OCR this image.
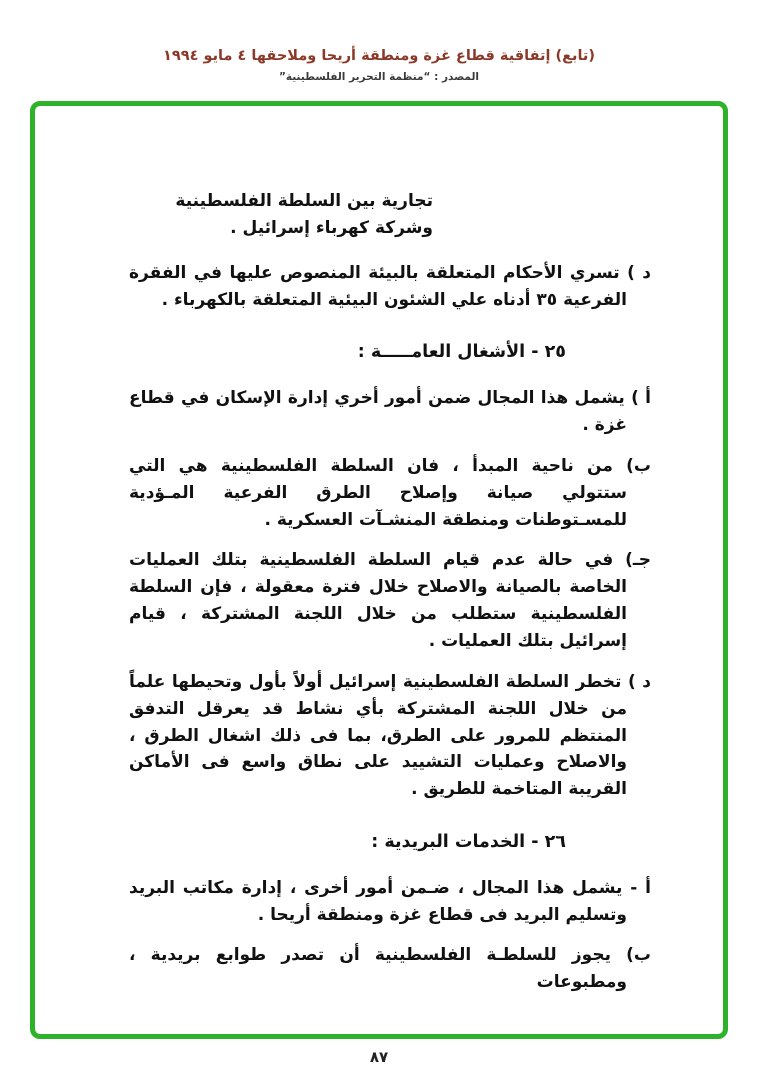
(تابع) إتفاقية قطاع غزة ومنطقة أريحا وملاحقها ٤ مايو ١٩٩٤
المصدر : “منظمة التحرير الفلسطينية”

تجارية بين السلطة الفلسطينية وشركة كهرباء إسرائيل .

د ) تسري الأحكام المتعلقة بالبيئة المنصوص عليها في الفقرة الفرعية ٣٥ أدناه علي الشئون البيئية المتعلقة بالكهرباء .

٢٥ - الأشغال العامـــــة :

أ ) يشمل هذا المجال ضمن أمور أخري إدارة الإسكان في قطاع غزة .

ب) من ناحية المبدأ ، فان السلطة الفلسطينية هي التي ستتولي صيانة وإصلاح الطرق الفرعية المـؤدية للمسـتوطنات ومنطقة المنشـآت العسكرية .

جـ) في حالة عدم قيام السلطة الفلسطينية بتلك العمليات الخاصة بالصيانة والاصلاح خلال فترة معقولة ، فإن السلطة الفلسطينية ستطلب من خلال اللجنة المشتركة ، قيام إسرائيل بتلك العمليات .

د ) تخطر السلطة الفلسطينية إسرائيل أولاً بأول وتحيطها علماً من خلال اللجنة المشتركة بأي نشاط قد يعرقل التدفق المنتظم للمرور على الطرق، بما فى ذلك اشغال الطرق ، والاصلاح وعمليات التشييد على نطاق واسع فى الأماكن القريبة المتاخمة للطريق .

٢٦ - الخدمات البريدية :

أ - يشمل هذا المجال ، ضـمن أمور أخرى ، إدارة مكاتب البريد وتسليم البريد فى قطاع غزة ومنطقة أريحا .

ب) يجوز للسلطـة الفلسطينية أن تصدر طوابع بريدية ، ومطبوعات

٨٧
